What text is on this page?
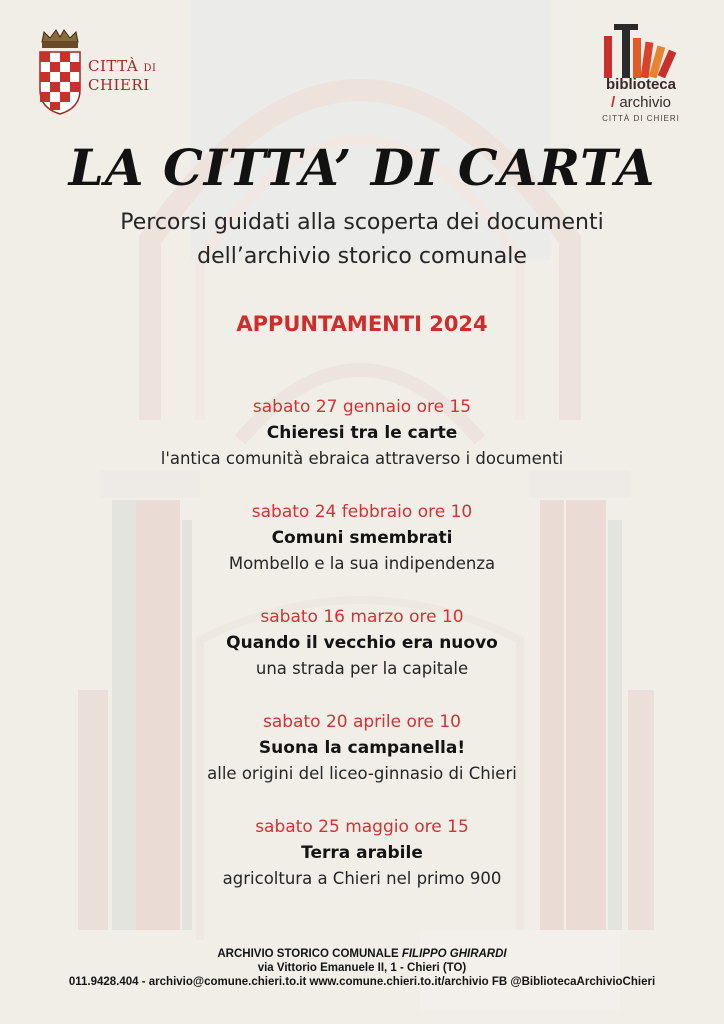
CITTÀ DI
CHIERI	biblioteca
/ archivio
CITTÀ DI CHIERI
LA CITTA’ DI CARTA
Percorsi guidati alla scoperta dei documenti
dell’archivio storico comunale
APPUNTAMENTI 2024
sabato 27 gennaio ore 15
Chieresi tra le carte
l'antica comunità ebraica attraverso i documenti
sabato 24 febbraio ore 10
Comuni smembrati
Mombello e la sua indipendenza
sabato 16 marzo ore 10
Quando il vecchio era nuovo
una strada per la capitale
sabato 20 aprile ore 10
Suona la campanella!
alle origini del liceo-ginnasio di Chieri
sabato 25 maggio ore 15
Terra arabile
agricoltura a Chieri nel primo 900
ARCHIVIO STORICO COMUNALE FILIPPO GHIRARDI
via Vittorio Emanuele II, 1 - Chieri (TO)
011.9428.404 - archivio@comune.chieri.to.it www.comune.chieri.to.it/archivio FB @BibliotecaArchivioChieri
